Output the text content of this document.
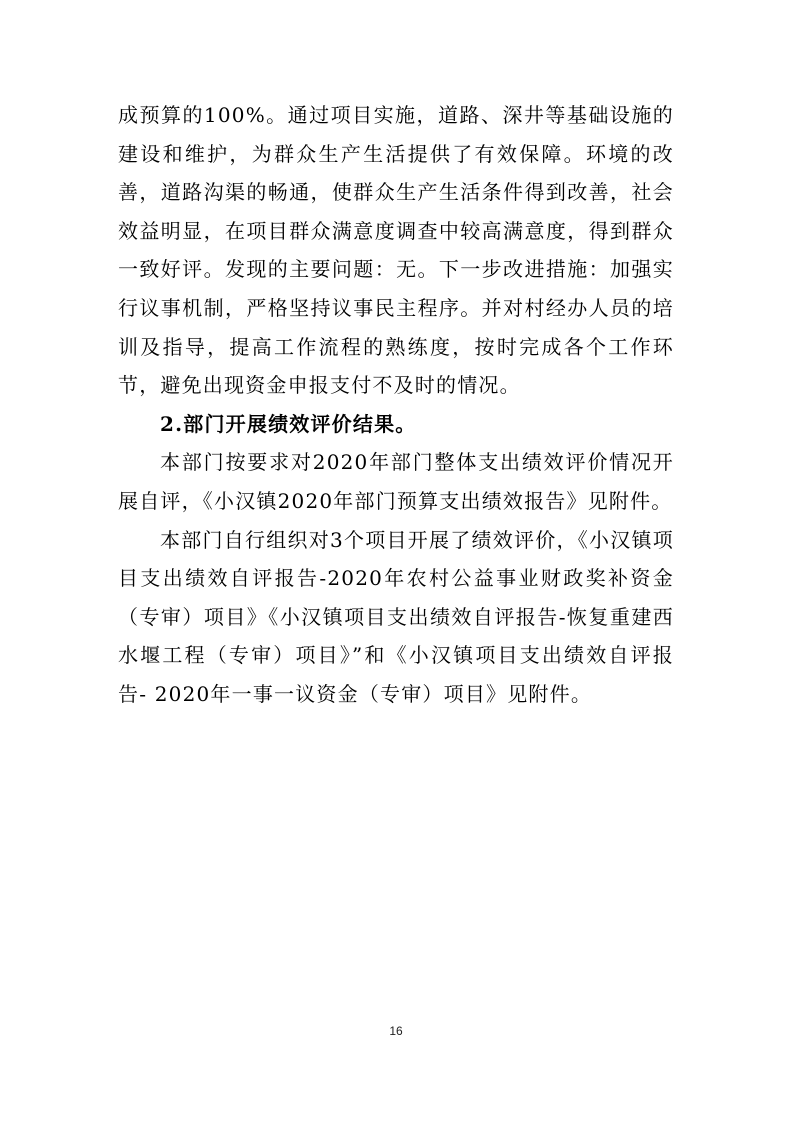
成预算的100%。通过项目实施，道路、深井等基础设施的建设和维护，为群众生产生活提供了有效保障。环境的改善，道路沟渠的畅通，使群众生产生活条件得到改善，社会效益明显，在项目群众满意度调查中较高满意度，得到群众一致好评。发现的主要问题：无。下一步改进措施：加强实行议事机制，严格坚持议事民主程序。并对村经办人员的培训及指导，提高工作流程的熟练度，按时完成各个工作环节，避免出现资金申报支付不及时的情况。

2.部门开展绩效评价结果。

本部门按要求对2020年部门整体支出绩效评价情况开展自评，《小汉镇2020年部门预算支出绩效报告》见附件。

本部门自行组织对3个项目开展了绩效评价，《小汉镇项目支出绩效自评报告-2020年农村公益事业财政奖补资金（专审）项目》《小汉镇项目支出绩效自评报告-恢复重建西水堰工程（专审）项目》”和《小汉镇项目支出绩效自评报告- 2020年一事一议资金（专审）项目》见附件。

16
